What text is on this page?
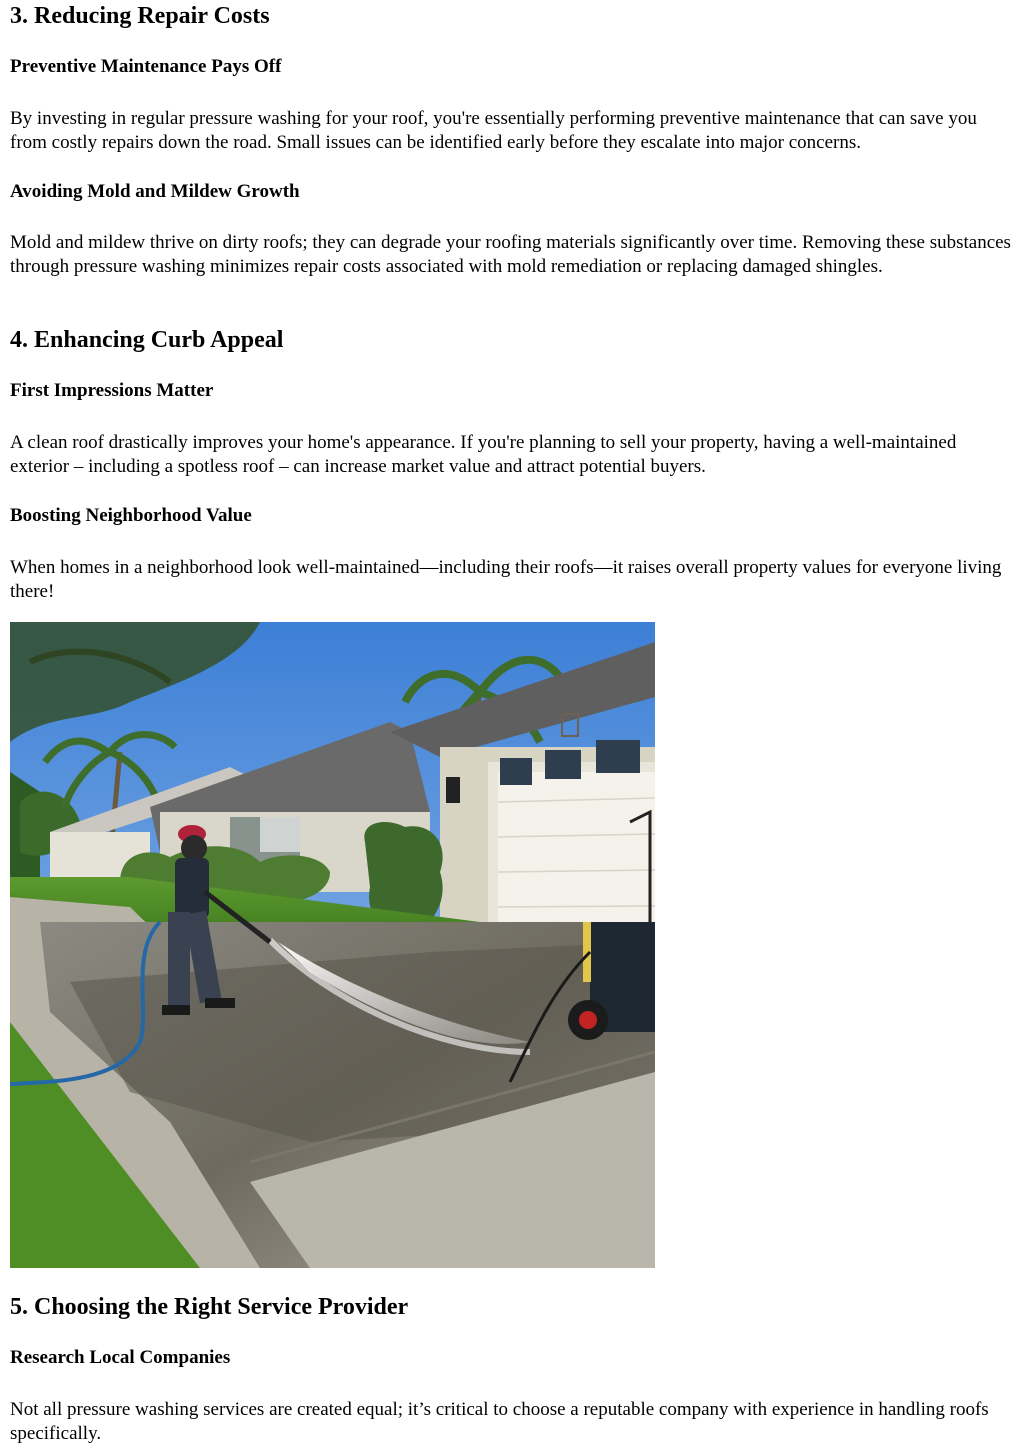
3. Reducing Repair Costs
Preventive Maintenance Pays Off

By investing in regular pressure washing for your roof, you're essentially performing preventive maintenance that can save you from costly repairs down the road. Small issues can be identified early before they escalate into major concerns.

Avoiding Mold and Mildew Growth

Mold and mildew thrive on dirty roofs; they can degrade your roofing materials significantly over time. Removing these substances through pressure washing minimizes repair costs associated with mold remediation or replacing damaged shingles.

4. Enhancing Curb Appeal
First Impressions Matter

A clean roof drastically improves your home's appearance. If you're planning to sell your property, having a well-maintained exterior – including a spotless roof – can increase market value and attract potential buyers.

Boosting Neighborhood Value

When homes in a neighborhood look well-maintained—including their roofs—it raises overall property values for everyone living there!

5. Choosing the Right Service Provider
Research Local Companies

Not all pressure washing services are created equal; it’s critical to choose a reputable company with experience in handling roofs specifically.
